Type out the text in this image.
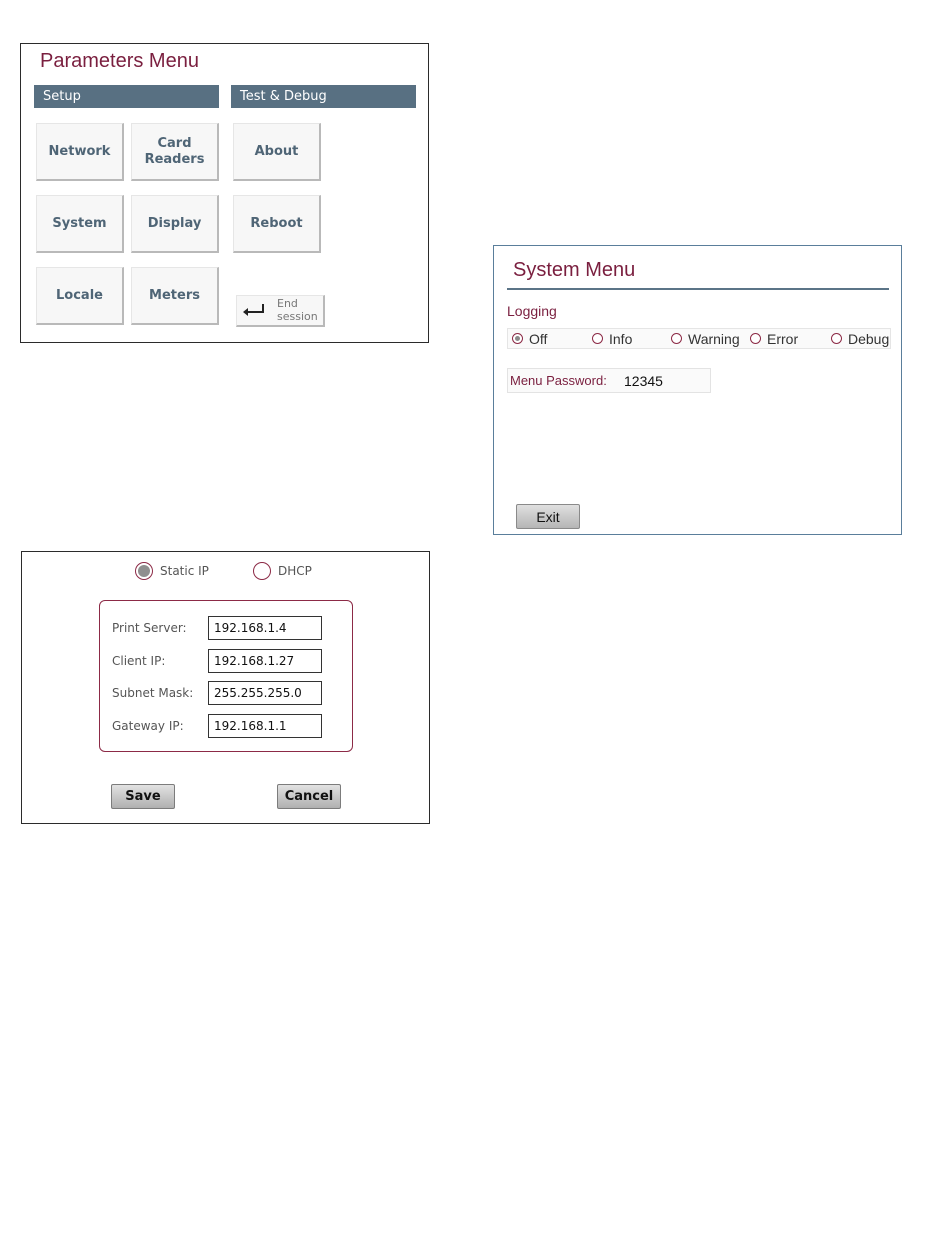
Parameters Menu
Setup	Test & Debug
Network
Card
Readers
About
System	Display	Reboot
Locale	Meters
End
session
System Menu
Logging
Off	Info	Warning Error	Debug
Menu Password:
12345
Exit
Static IP	DHCP
Print Server:
192.168.1.4
Client IP:
192.168.1.27
Subnet Mask:
255.255.255.0
Gateway IP:
192.168.1.1
Save	Cancel
